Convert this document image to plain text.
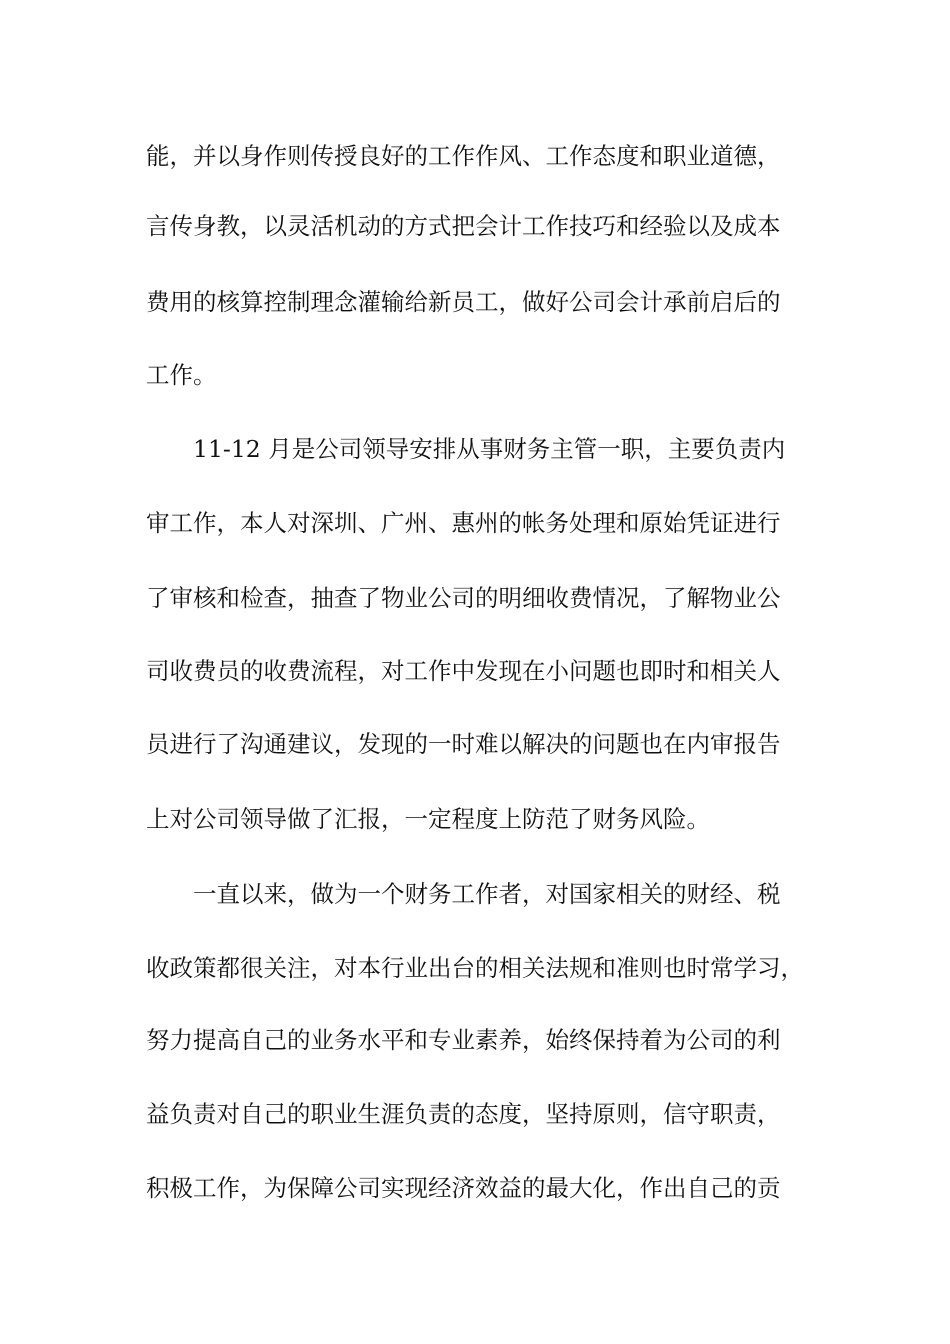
能，并以身作则传授良好的工作作风、工作态度和职业道德，
言传身教，以灵活机动的方式把会计工作技巧和经验以及成本
费用的核算控制理念灌输给新员工，做好公司会计承前启后的
工作。
11-12 月是公司领导安排从事财务主管一职，主要负责内
审工作，本人对深圳、广州、惠州的帐务处理和原始凭证进行
了审核和检查，抽查了物业公司的明细收费情况，了解物业公
司收费员的收费流程，对工作中发现在小问题也即时和相关人
员进行了沟通建议，发现的一时难以解决的问题也在内审报告
上对公司领导做了汇报，一定程度上防范了财务风险。
一直以来，做为一个财务工作者，对国家相关的财经、税
收政策都很关注，对本行业出台的相关法规和准则也时常学习，
努力提高自己的业务水平和专业素养，始终保持着为公司的利
益负责对自己的职业生涯负责的态度，坚持原则，信守职责，
积极工作，为保障公司实现经济效益的最大化，作出自己的贡
